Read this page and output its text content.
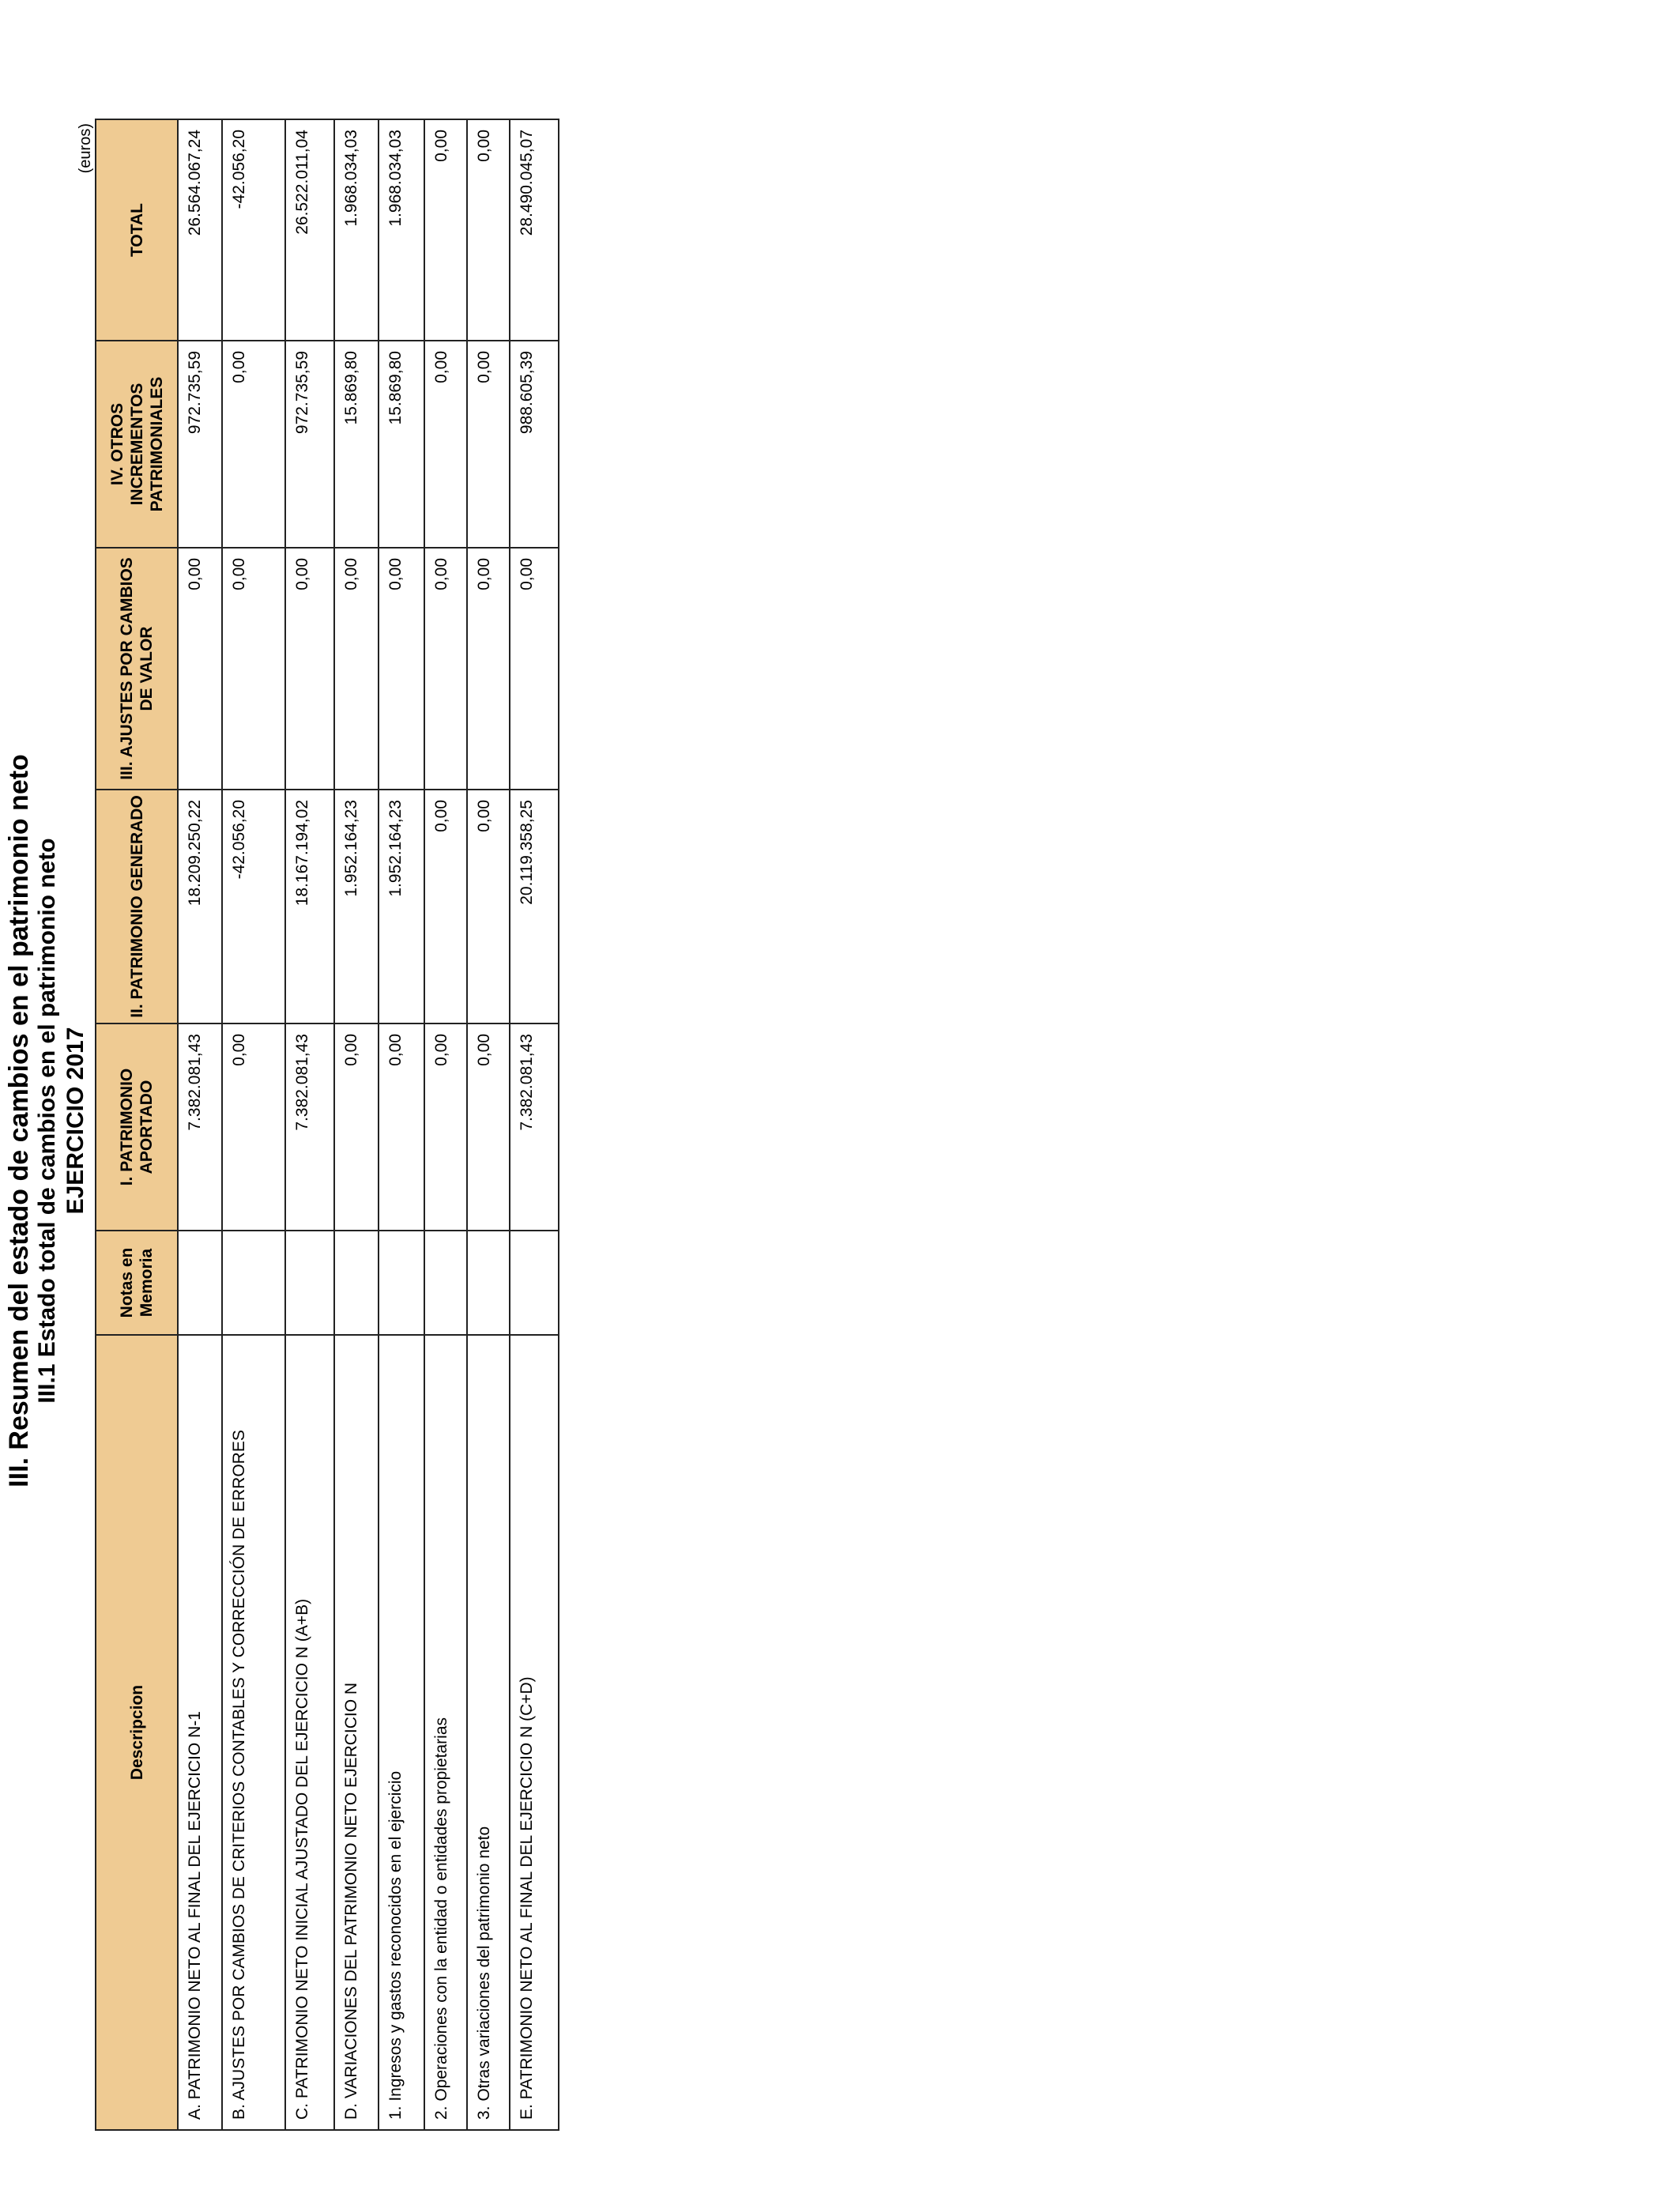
III. Resumen del estado de cambios en el patrimonio neto III.1 Estado total de cambios en el patrimonio neto EJERCICIO 2017
(euros)
Descripcion	Notas en Memoria	I. PATRIMONIO APORTADO	II. PATRIMONIO GENERADO	III. AJUSTES POR CAMBIOS DE VALOR	IV. OTROS INCREMENTOS PATRIMONIALES	TOTAL
A. PATRIMONIO NETO AL FINAL DEL EJERCICIO N-1		7.382.081,43	18.209.250,22	0,00	972.735,59	26.564.067,24
B. AJUSTES POR CAMBIOS DE CRITERIOS CONTABLES Y CORRECCIÓN DE ERRORES		0,00	-42.056,20	0,00	0,00	-42.056,20
C. PATRIMONIO NETO INICIAL AJUSTADO DEL EJERCICIO N (A+B)		7.382.081,43	18.167.194,02	0,00	972.735,59	26.522.011,04
D. VARIACIONES DEL PATRIMONIO NETO EJERCICIO N		0,00	1.952.164,23	0,00	15.869,80	1.968.034,03
1. Ingresos y gastos reconocidos en el ejercicio		0,00	1.952.164,23	0,00	15.869,80	1.968.034,03
2. Operaciones con la entidad o entidades propietarias		0,00	0,00	0,00	0,00	0,00
3. Otras variaciones del patrimonio neto		0,00	0,00	0,00	0,00	0,00
E. PATRIMONIO NETO AL FINAL DEL EJERCICIO N (C+D)		7.382.081,43	20.119.358,25	0,00	988.605,39	28.490.045,07
